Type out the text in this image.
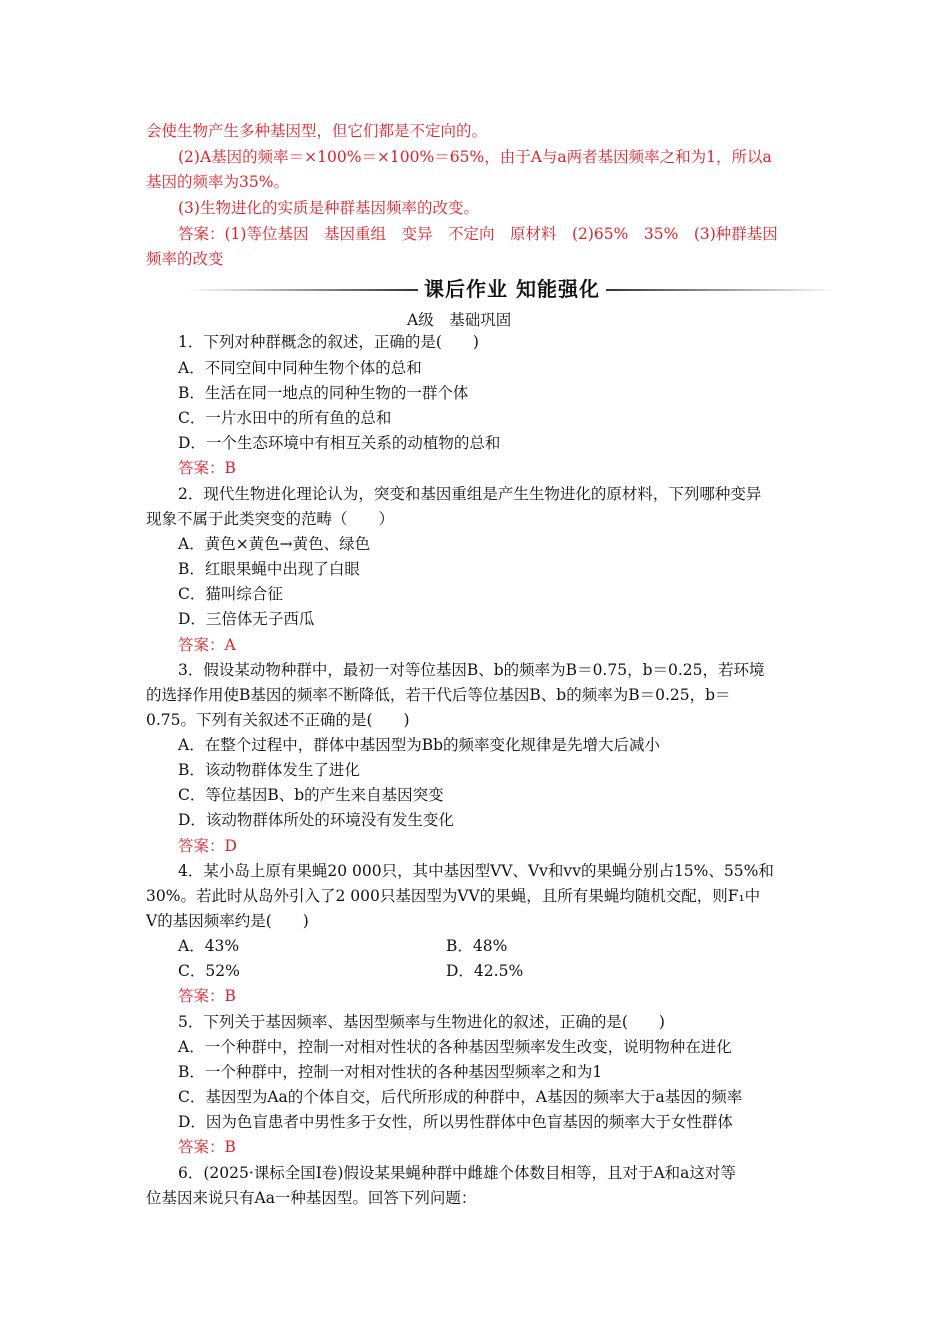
会使生物产生多种基因型，但它们都是不定向的。
(2)A基因的频率＝×100%＝×100%＝65%，由于A与a两者基因频率之和为1，所以a
基因的频率为35%。
(3)生物进化的实质是种群基因频率的改变。
答案：(1)等位基因　基因重组　变异　不定向　原材料　(2)65%　35%　(3)种群基因
频率的改变
课后作业 知能强化
A级　基础巩固
1．下列对种群概念的叙述，正确的是(　　)
A．不同空间中同种生物个体的总和
B．生活在同一地点的同种生物的一群个体
C．一片水田中的所有鱼的总和
D．一个生态环境中有相互关系的动植物的总和
答案：B
2．现代生物进化理论认为，突变和基因重组是产生生物进化的原材料，下列哪种变异
现象不属于此类突变的范畴（　　）
A．黄色×黄色→黄色、绿色
B．红眼果蝇中出现了白眼
C．猫叫综合征
D．三倍体无子西瓜
答案：A
3．假设某动物种群中，最初一对等位基因B、b的频率为B＝0.75，b＝0.25，若环境
的选择作用使B基因的频率不断降低，若干代后等位基因B、b的频率为B＝0.25，b＝
0.75。下列有关叙述不正确的是(　　)
A．在整个过程中，群体中基因型为Bb的频率变化规律是先增大后减小
B．该动物群体发生了进化
C．等位基因B、b的产生来自基因突变
D．该动物群体所处的环境没有发生变化
答案：D
4．某小岛上原有果蝇20 000只，其中基因型VV、Vv和vv的果蝇分别占15%、55%和
30%。若此时从岛外引入了2 000只基因型为VV的果蝇，且所有果蝇均随机交配，则F₁中
V的基因频率约是(　　)
A．43%	B．48%
C．52%	D．42.5%
答案：B
5．下列关于基因频率、基因型频率与生物进化的叙述，正确的是(　　)
A．一个种群中，控制一对相对性状的各种基因型频率发生改变，说明物种在进化
B．一个种群中，控制一对相对性状的各种基因型频率之和为1
C．基因型为Aa的个体自交，后代所形成的种群中，A基因的频率大于a基因的频率
D．因为色盲患者中男性多于女性，所以男性群体中色盲基因的频率大于女性群体
答案：B
6．(2025·课标全国Ⅰ卷)假设某果蝇种群中雌雄个体数目相等，且对于A和a这对等
位基因来说只有Aa一种基因型。回答下列问题：
